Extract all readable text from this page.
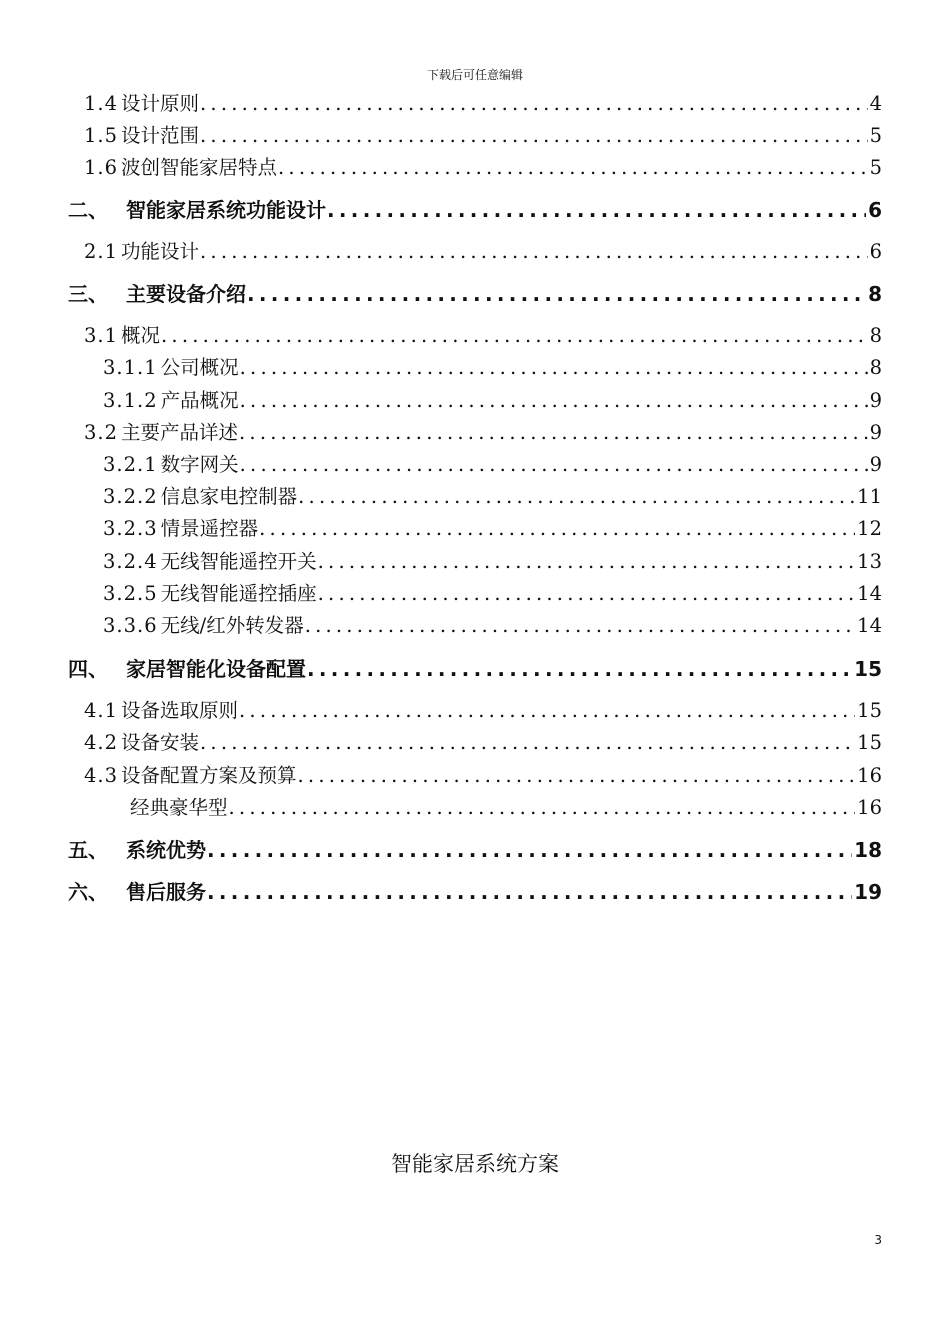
下载后可任意编辑
1.4 设计原则 .....	4
1.5 设计范围 .....	5
1.6 波创智能家居特点 .....	5
二、 智能家居系统功能设计 .....	6
2.1 功能设计 .....	6
三、 主要设备介绍 .....	8
3.1 概况 .....	8
3.1.1 公司概况 .....	8
3.1.2 产品概况 .....	9
3.2 主要产品详述 .....	9
3.2.1 数字网关 .....	9
3.2.2 信息家电控制器 .....	11
3.2.3 情景遥控器 .....	12
3.2.4 无线智能遥控开关 .....	13
3.2.5 无线智能遥控插座 .....	14
3.3.6 无线/红外转发器 .....	14
四、 家居智能化设备配置 .....	15
4.1 设备选取原则 .....	15
4.2 设备安装 .....	15
4.3 设备配置方案及预算 .....	16
经典豪华型 .....	16
五、 系统优势 .....	18
六、 售后服务 .....	19
智能家居系统方案
3
